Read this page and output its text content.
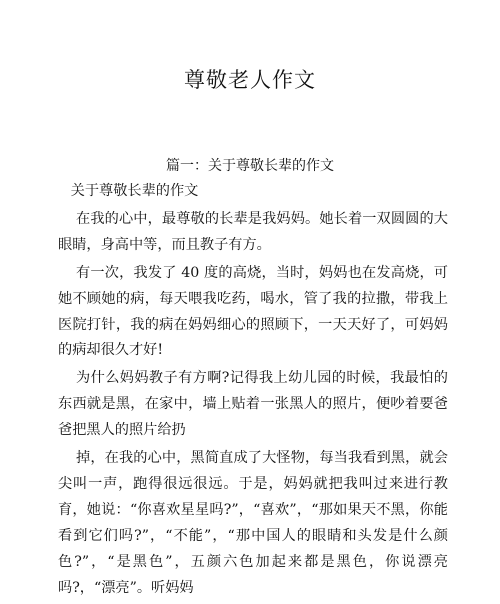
尊敬老人作文
篇一：关于尊敬长辈的作文

关于尊敬长辈的作文

在我的心中，最尊敬的长辈是我妈妈。她长着一双圆圆的大眼睛，身高中等，而且教子有方。

有一次，我发了 40 度的高烧，当时，妈妈也在发高烧，可她不顾她的病，每天喂我吃药，喝水，管了我的拉撒，带我上医院打针，我的病在妈妈细心的照顾下，一天天好了，可妈妈的病却很久才好!

为什么妈妈教子有方啊?记得我上幼儿园的时候，我最怕的东西就是黑，在家中，墙上贴着一张黑人的照片，便吵着要爸爸把黑人的照片给扔

掉，在我的心中，黑简直成了大怪物，每当我看到黑，就会尖叫一声，跑得很远很远。于是，妈妈就把我叫过来进行教育，她说：“你喜欢星星吗?”，“喜欢”，“那如果天不黑，你能看到它们吗?”，“不能”，“那中国人的眼睛和头发是什么颜色?”，“是黑色”，五颜六色加起来都是黑色，你说漂亮吗?，“漂亮”。听妈妈
